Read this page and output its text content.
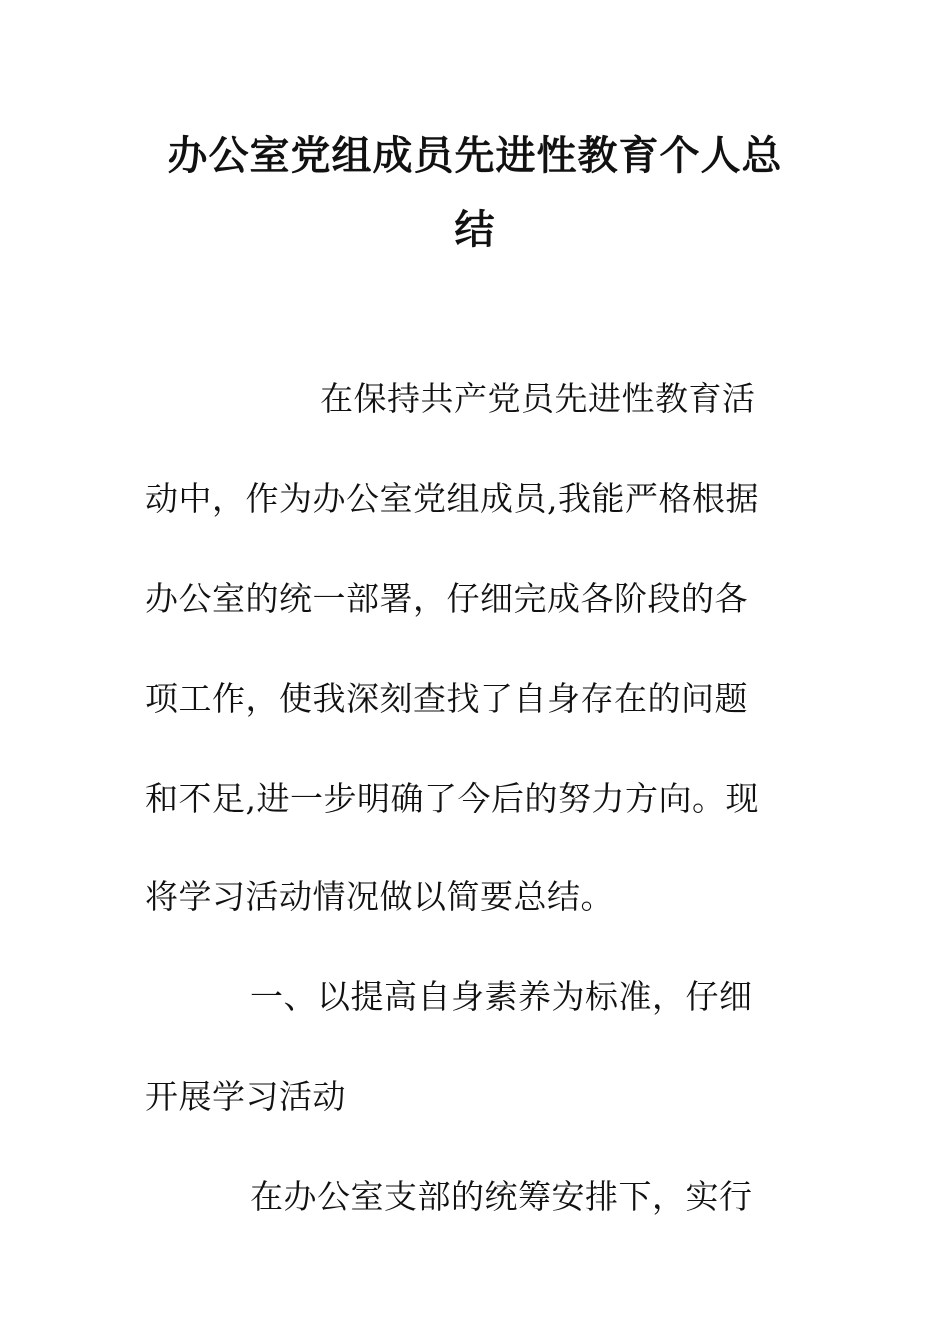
办公室党组成员先进性教育个人总
结
在保持共产党员先进性教育活
动中，作为办公室党组成员,我能严格根据
办公室的统一部署，仔细完成各阶段的各
项工作，使我深刻查找了自身存在的问题
和不足,进一步明确了今后的努力方向。现
将学习活动情况做以简要总结。
一、以提高自身素养为标准，仔细
开展学习活动
在办公室支部的统筹安排下，实行
